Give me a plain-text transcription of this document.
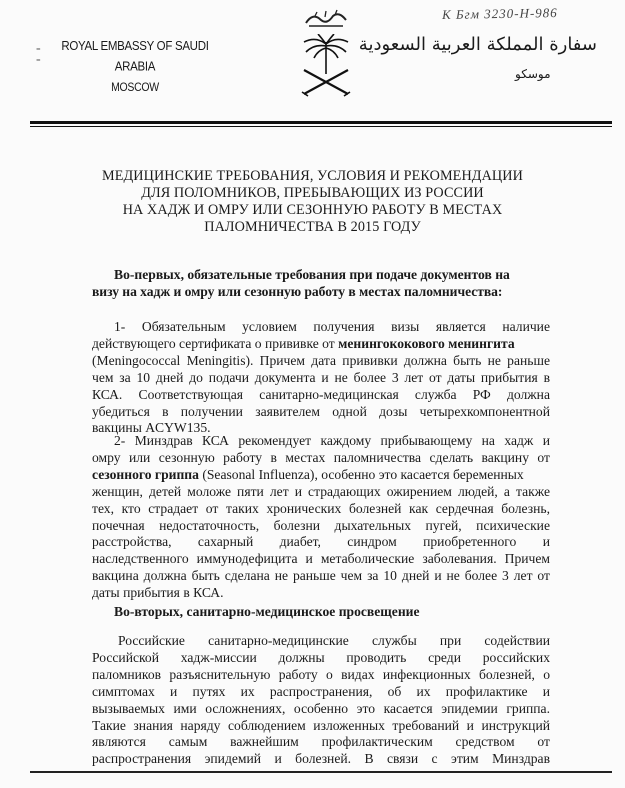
-
-
ROYAL EMBASSY OF SAUDI ARABIA
MOSCOW
К Бгм 3230-Н-986
سفارة المملكة العربية السعودية
موسكو
МЕДИЦИНСКИЕ ТРЕБОВАНИЯ, УСЛОВИЯ И РЕКОМЕНДАЦИИ
ДЛЯ ПОЛОМНИКОВ, ПРЕБЫВАЮЩИХ ИЗ РОССИИ
НА ХАДЖ И ОМРУ ИЛИ СЕЗОННУЮ РАБОТУ В МЕСТАХ
ПАЛОМНИЧЕСТВА В 2015 ГОДУ
Во-первых, обязательные требования при подаче документов на
визу на хадж и омру или сезонную работу в местах паломничества:
1- Обязательным условием получения визы является наличие
действующего сертификата о прививке от менингококового менингита
(Meningococcal Meningitis). Причем дата прививки должна быть не раньше
чем за 10 дней до подачи документа и не более 3 лет от даты прибытия в
КСА. Соответствующая санитарно-медицинская служба РФ должна
убедиться в получении заявителем одной дозы четырехкомпонентной
вакцины ACYW135.
2- Минздрав КСА рекомендует каждому прибывающему на хадж и
омру или сезонную работу в местах паломничества сделать вакцину от
сезонного гриппа (Seasonal Influenza), особенно это касается беременных
женщин, детей моложе пяти лет и страдающих ожирением людей, а также
тех, кто страдает от таких хронических болезней как сердечная болезнь,
почечная недостаточность, болезни дыхательных пугей, психические
расстройства, сахарный диабет, синдром приобретенного и
наследственного иммунодефицита и метаболические заболевания. Причем
вакцина должна быть сделана не раньше чем за 10 дней и не более 3 лет от
даты прибытия в КСА.
Во-вторых, санитарно-медицинское просвещение
Российские санитарно-медицинские службы при содействии
Российской хадж-миссии должны проводить среди российских
паломников разъяснительную работу о видах инфекционных болезней, о
симптомах и путях их распространения, об их профилактике и
вызываемых ими осложнениях, особенно это касается эпидемии гриппа.
Такие знания наряду соблюдением изложенных требований и инструкций
являются самым важнейшим профилактическим средством от
распространения эпидемий и болезней. В связи с этим Минздрав
